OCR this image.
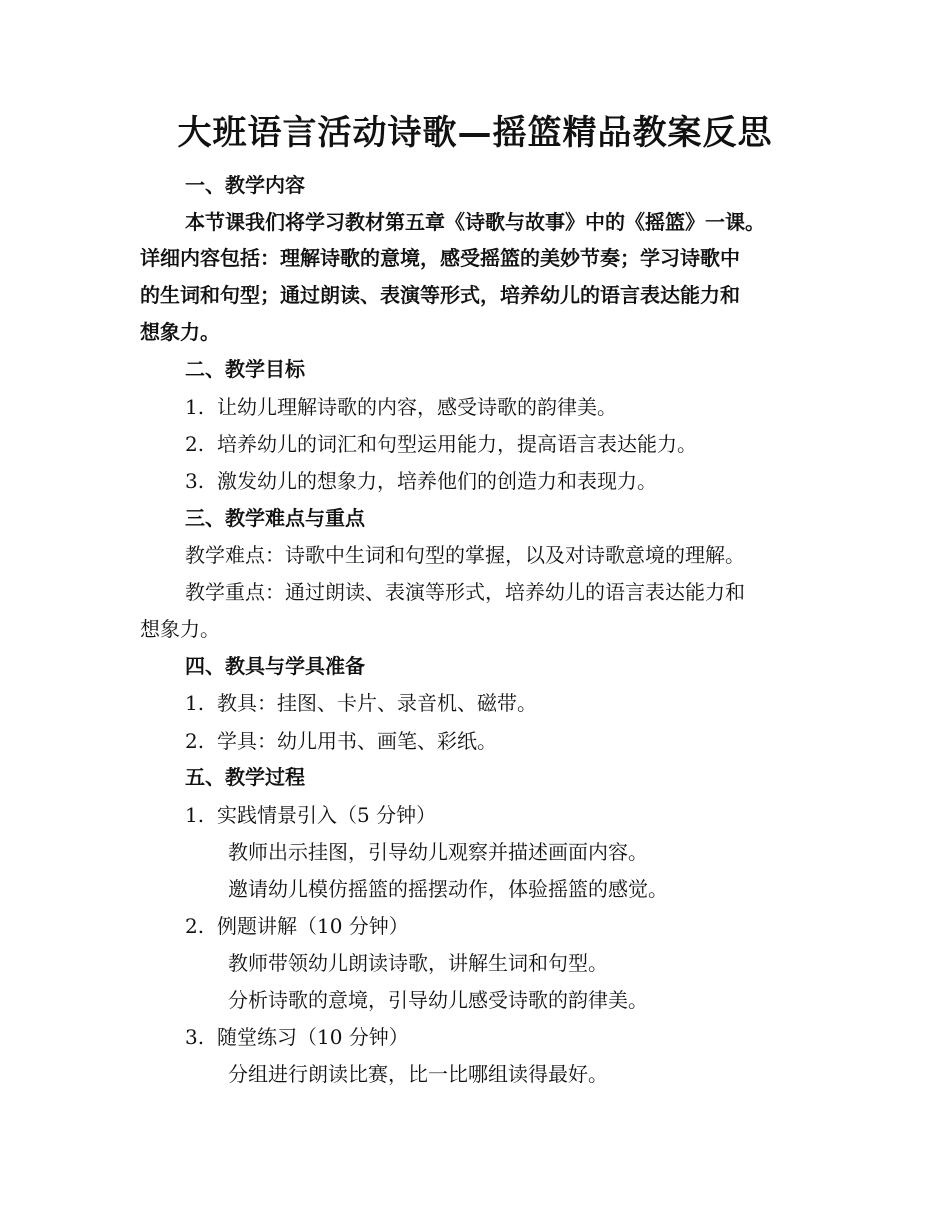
大班语言活动诗歌—摇篮精品教案反思
一、教学内容
本节课我们将学习教材第五章《诗歌与故事》中的《摇篮》一课。
详细内容包括：理解诗歌的意境，感受摇篮的美妙节奏；学习诗歌中
的生词和句型；通过朗读、表演等形式，培养幼儿的语言表达能力和
想象力。
二、教学目标
1. 让幼儿理解诗歌的内容，感受诗歌的韵律美。
2. 培养幼儿的词汇和句型运用能力，提高语言表达能力。
3. 激发幼儿的想象力，培养他们的创造力和表现力。
三、教学难点与重点
教学难点：诗歌中生词和句型的掌握，以及对诗歌意境的理解。
教学重点：通过朗读、表演等形式，培养幼儿的语言表达能力和
想象力。
四、教具与学具准备
1. 教具：挂图、卡片、录音机、磁带。
2. 学具：幼儿用书、画笔、彩纸。
五、教学过程
1. 实践情景引入（5 分钟）
教师出示挂图，引导幼儿观察并描述画面内容。
邀请幼儿模仿摇篮的摇摆动作，体验摇篮的感觉。
2. 例题讲解（10 分钟）
教师带领幼儿朗读诗歌，讲解生词和句型。
分析诗歌的意境，引导幼儿感受诗歌的韵律美。
3. 随堂练习（10 分钟）
分组进行朗读比赛，比一比哪组读得最好。
